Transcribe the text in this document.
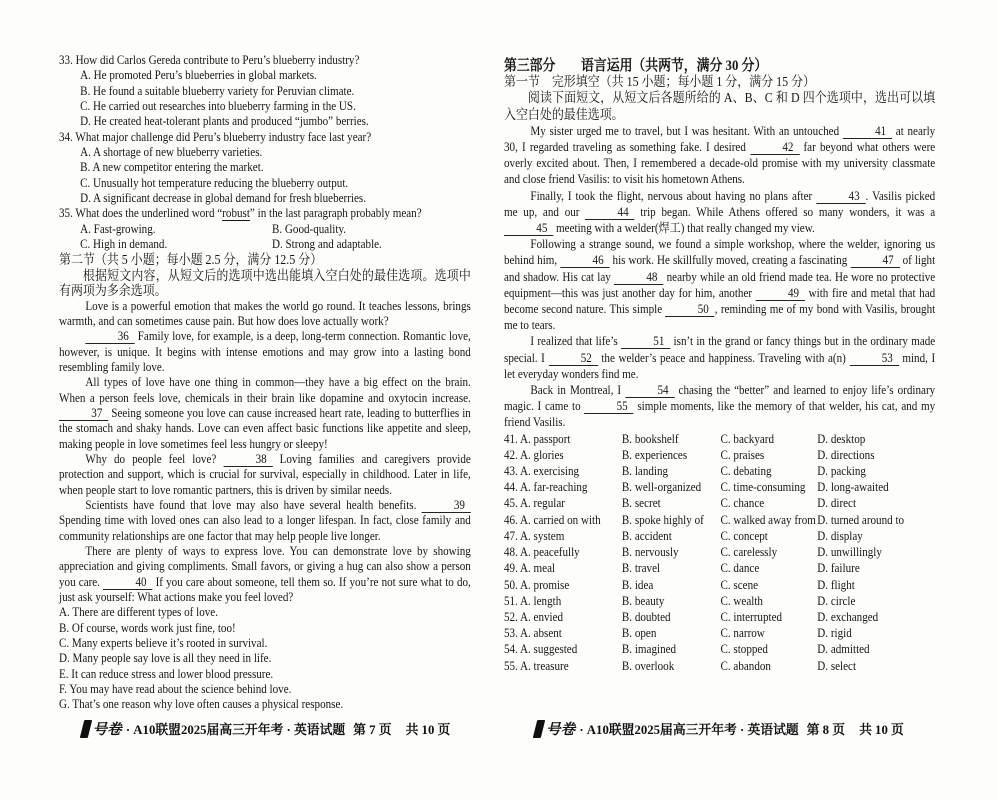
33. How did Carlos Gereda contribute to Peru’s blueberry industry?
A. He promoted Peru’s blueberries in global markets.
B. He found a suitable blueberry variety for Peruvian climate.
C. He carried out researches into blueberry farming in the US.
D. He created heat-tolerant plants and produced “jumbo” berries.
34. What major challenge did Peru’s blueberry industry face last year?
A. A shortage of new blueberry varieties.
B. A new competitor entering the market.
C. Unusually hot temperature reducing the blueberry output.
D. A significant decrease in global demand for fresh blueberries.
35. What does the underlined word “robust” in the last paragraph probably mean?
A. Fast-growing.	B. Good-quality.
C. High in demand.	D. Strong and adaptable.
第二节（共 5 小题；每小题 2.5 分，满分 12.5 分）
根据短文内容，从短文后的选项中选出能填入空白处的最佳选项。选项中有两项为多余选项。
Love is a powerful emotion that makes the world go round. It teaches lessons, brings warmth, and can sometimes cause pain. But how does love actually work?
36 Family love, for example, is a deep, long-term connection. Romantic love, however, is unique. It begins with intense emotions and may grow into a lasting bond resembling family love.
All types of love have one thing in common—they have a big effect on the brain. When a person feels love, chemicals in their brain like dopamine and oxytocin increase. 37 Seeing someone you love can cause increased heart rate, leading to butterflies in the stomach and shaky hands. Love can even affect basic functions like appetite and sleep, making people in love sometimes feel less hungry or sleepy!
Why do people feel love?	38 Loving families and caregivers provide protection and support, which is crucial for survival, especially in childhood. Later in life, when people start to love romantic partners, this is driven by similar needs.
Scientists have found that love may also have several health benefits.	39 Spending time with loved ones can also lead to a longer lifespan. In fact, close family and community relationships are one factor that may help people live longer.
There are plenty of ways to express love. You can demonstrate love by showing appreciation and giving compliments. Small favors, or giving a hug can also show a person you care.	40 If you care about someone, tell them so. If you’re not sure what to do, just ask yourself: What actions make you feel loved?
A. There are different types of love.
B. Of course, words work just fine, too!
C. Many experts believe it’s rooted in survival.
D. Many people say love is all they need in life.
E. It can reduce stress and lower blood pressure.
F. You may have read about the science behind love.
G. That’s one reason why love often causes a physical response.
第三部分　　语言运用（共两节，满分 30 分）
第一节　完形填空（共 15 小题；每小题 1 分，满分 15 分）
阅读下面短文，从短文后各题所给的 A、B、C 和 D 四个选项中，选出可以填入空白处的最佳选项。
My sister urged me to travel, but I was hesitant. With an untouched	41 at nearly 30, I regarded traveling as something fake. I desired	42 far beyond what others were overly excited about. Then, I remembered a decade-old promise with my university classmate and close friend Vasilis: to visit his hometown Athens.
Finally, I took the flight, nervous about having no plans after	43 . Vasilis picked me up, and our	44 trip began. While Athens offered so many wonders, it was a 45 meeting with a welder(焊工) that really changed my view.
Following a strange sound, we found a simple workshop, where the welder, ignoring us behind him,	46 his work. He skillfully moved, creating a fascinating	47 of light and shadow. His cat lay	48 nearby while an old friend made tea. He wore no protective equipment—this was just another day for him, another	49 with fire and metal that had become second nature. This simple	50 , reminding me of my bond with Vasilis, brought me to tears.
I realized that life’s	51 isn’t in the grand or fancy things but in the ordinary made special. I	52 the welder’s peace and happiness. Traveling with a(n)	53 mind, I let everyday wonders find me.
Back in Montreal, I	54 chasing the “better” and learned to enjoy life’s ordinary magic. I came to	55 simple moments, like the memory of that welder, his cat, and my friend Vasilis.
41. A. passport	B. bookshelf	C. backyard	D. desktop
42. A. glories	B. experiences	C. praises	D. directions
43. A. exercising	B. landing	C. debating	D. packing
44. A. far-reaching	B. well-organized	C. time-consuming D. long-awaited
45. A. regular	B. secret	C. chance	D. direct
46. A. carried on with	B. spoke highly of	C. walked away from D. turned around to
47. A. system	B. accident	C. concept	D. display
48. A. peacefully	B. nervously	C. carelessly	D. unwillingly
49. A. meal	B. travel	C. dance	D. failure
50. A. promise	B. idea	C. scene	D. flight
51. A. length	B. beauty	C. wealth	D. circle
52. A. envied	B. doubted	C. interrupted	D. exchanged
53. A. absent	B. open	C. narrow	D. rigid
54. A. suggested	B. imagined	C. stopped	D. admitted
55. A. treasure	B. overlook	C. abandon	D. select
号卷 · A10联盟2025届高三开年考 · 英语试题 第 7 页 共 10 页	号卷 · A10联盟2025届高三开年考 · 英语试题 第 8 页 共 10 页
